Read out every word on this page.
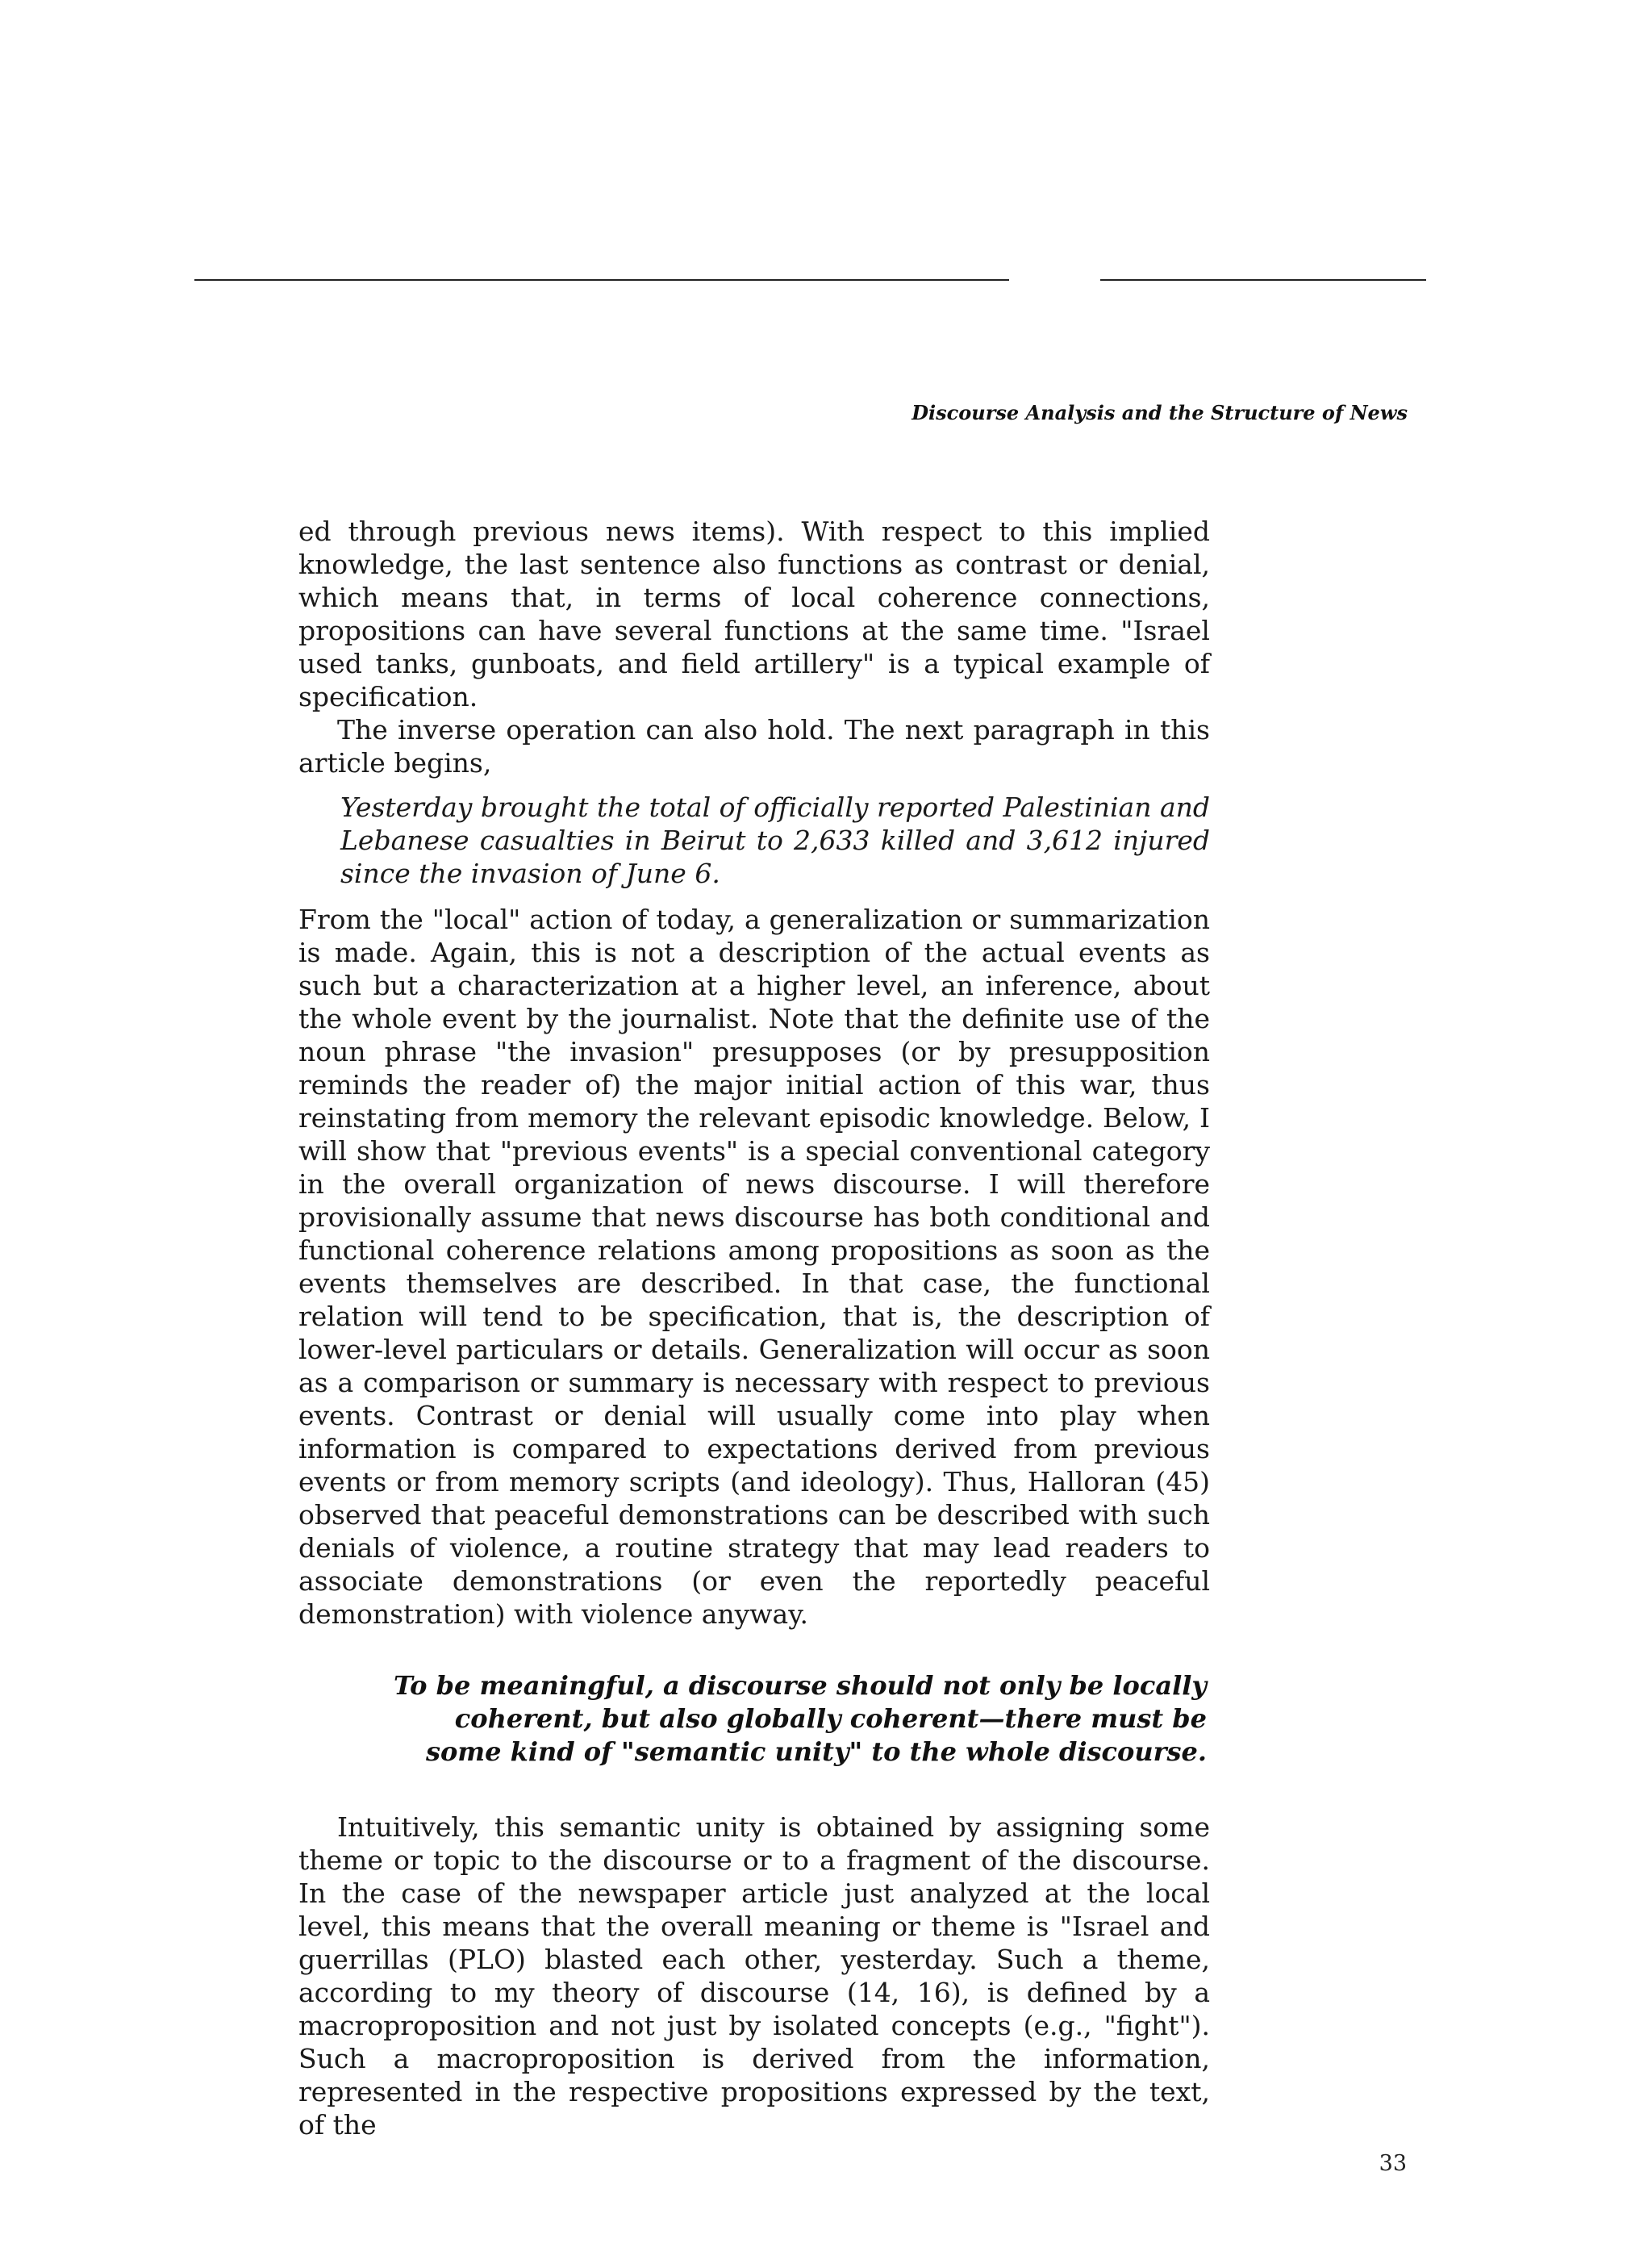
Discourse Analysis and the Structure of News

ed through previous news items). With respect to this implied knowledge, the last sentence also functions as contrast or denial, which means that, in terms of local coherence connections, propositions can have several functions at the same time. "Israel used tanks, gunboats, and field artillery" is a typical example of specification.

The inverse operation can also hold. The next paragraph in this article begins,

Yesterday brought the total of officially reported Palestinian and Lebanese casualties in Beirut to 2,633 killed and 3,612 injured since the invasion of June 6.

From the "local" action of today, a generalization or summarization is made. Again, this is not a description of the actual events as such but a characterization at a higher level, an inference, about the whole event by the journalist. Note that the definite use of the noun phrase "the invasion" presupposes (or by presupposition reminds the reader of) the major initial action of this war, thus reinstating from memory the relevant episodic knowledge. Below, I will show that "previous events" is a special conventional category in the overall organization of news discourse. I will therefore provisionally assume that news discourse has both conditional and functional coherence relations among propositions as soon as the events themselves are described. In that case, the functional relation will tend to be specification, that is, the description of lower-level particulars or details. Generalization will occur as soon as a comparison or summary is necessary with respect to previous events. Contrast or denial will usually come into play when information is compared to expectations derived from previous events or from memory scripts (and ideology). Thus, Halloran (45) observed that peaceful demonstrations can be described with such denials of violence, a routine strategy that may lead readers to associate demonstrations (or even the reportedly peaceful demonstration) with violence anyway.

To be meaningful, a discourse should not only be locally
coherent, but also globally coherent—there must be
some kind of "semantic unity" to the whole discourse.

Intuitively, this semantic unity is obtained by assigning some theme or topic to the discourse or to a fragment of the discourse. In the case of the newspaper article just analyzed at the local level, this means that the overall meaning or theme is "Israel and guerrillas (PLO) blasted each other, yesterday. Such a theme, according to my theory of discourse (14, 16), is defined by a macroproposition and not just by isolated concepts (e.g., "fight"). Such a macroproposition is derived from the information, represented in the respective propositions expressed by the text, of the

33
